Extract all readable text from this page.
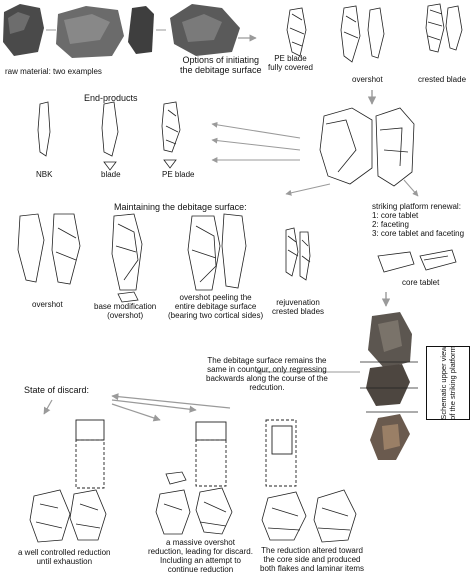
raw material: two examples
Options of initiating
the debitage surface
PE blade
fully covered
overshot	crested blade
End-products
NBK	blade	PE blade
Maintaining the debitage surface:	striking platform renewal:
1: core tablet
2: faceting
3: core tablet and faceting
core tablet
overshot	base modification
(overshot)
overshot peeling the
entire debitage surface
(bearing two cortical sides)
rejuvenation
crested blades
Schematic upper view of the striking platform
The debitage surface remains the
same in countour, only regressing
backwards along the course of the
redcution.
State of discard:
a well controlled reduction
until exhaustion
a massive overshot
reduction, leading for discard.
Including an attempt to
continue reduction
The reduction altered toward
the core side and produced
both flakes and laminar items
